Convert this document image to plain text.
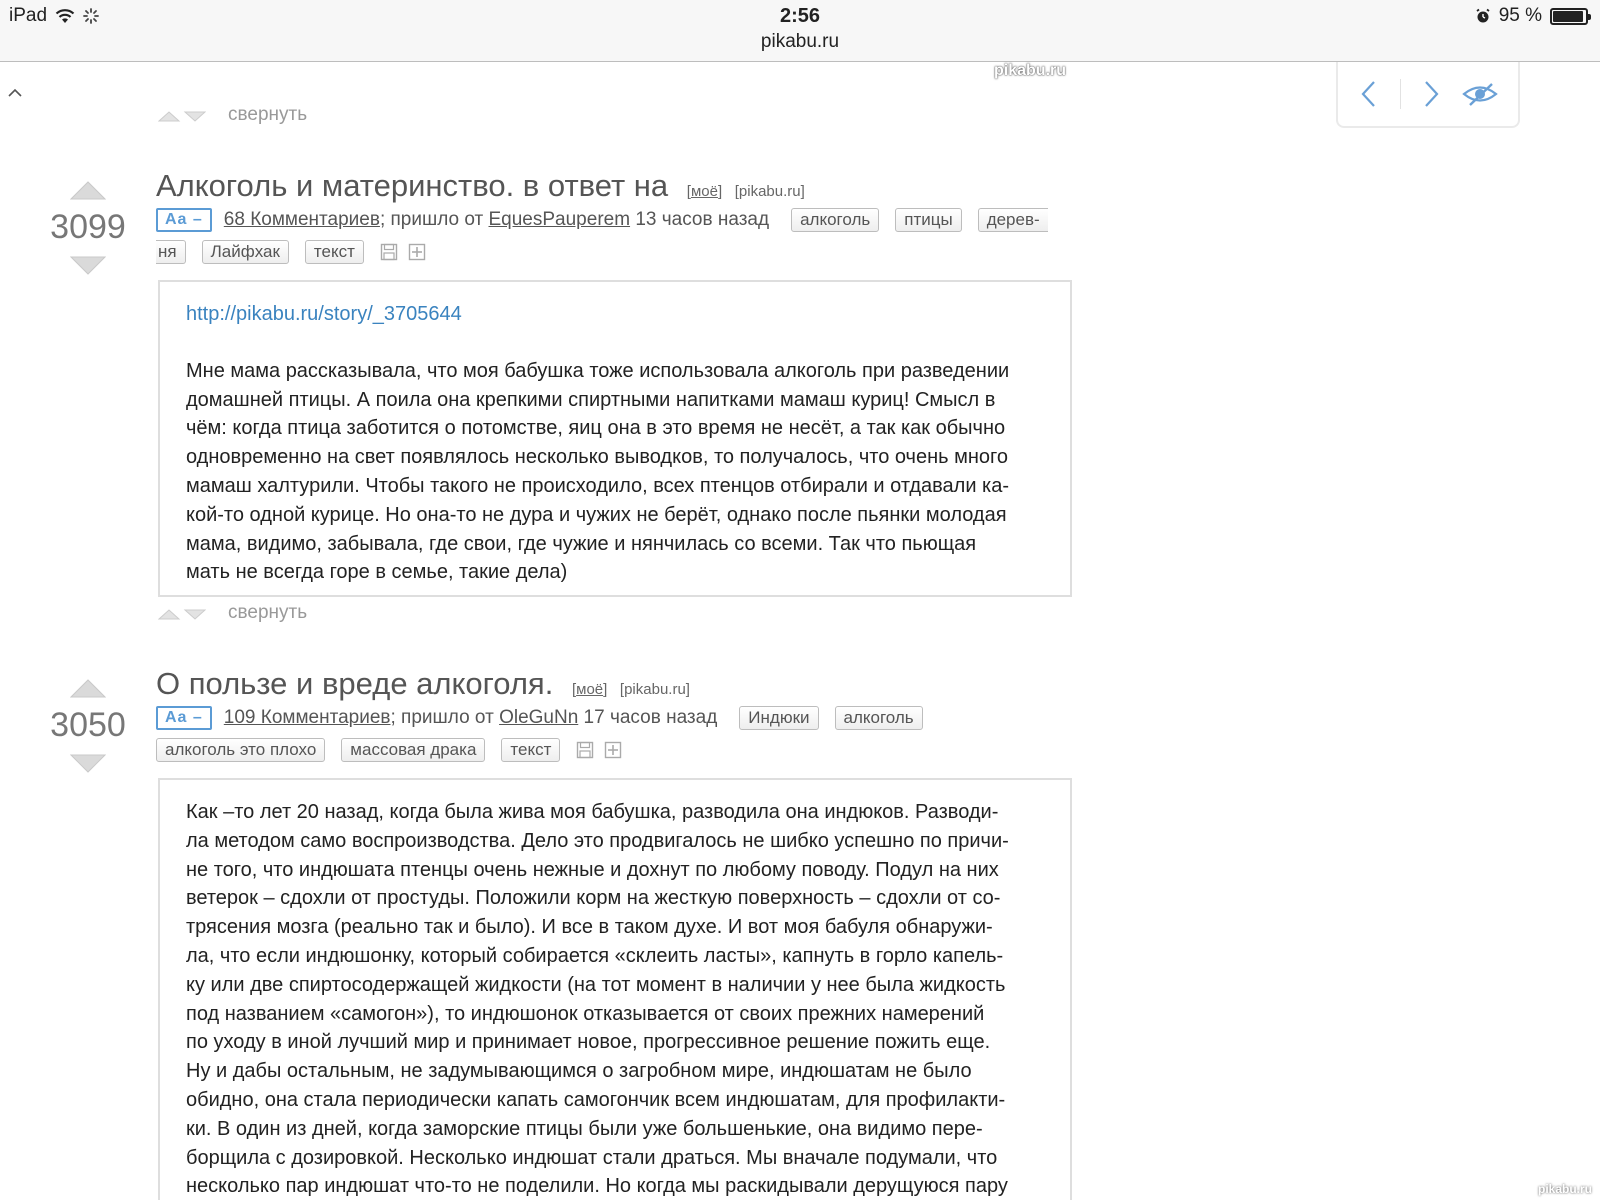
iPad	2:56
pikabu.ru
95 %
pikabu.ru
свернуть
3099
Алкоголь и материнство. в ответ на [моё] [pikabu.ru]
Aa –	68 Комментариев ; пришло от
EquesPauperem
13 часов назад	алкоголь	птицы	дерев-
ня	Лайфхак	текст
http://pikabu.ru/story/_3705644
Мне мама рассказывала, что моя бабушка тоже использовала алкоголь при разведении
домашней птицы. А поила она крепкими спиртными напитками мамаш куриц! Смысл в
чём: когда птица заботится о потомстве, яиц она в это время не несёт, а так как обычно
одновременно на свет появлялось несколько выводков, то получалось, что очень много
мамаш халтурили. Чтобы такого не происходило, всех птенцов отбирали и отдавали ка-
кой-то одной курице. Но она-то не дура и чужих не берёт, однако после пьянки молодая
мама, видимо, забывала, где свои, где чужие и нянчилась со всеми. Так что пьющая
мать не всегда горе в семье, такие дела)
свернуть
3050
О пользе и вреде алкоголя. [моё] [pikabu.ru]
Aa –	109 Комментариев ; пришло от
OleGuNn
17 часов назад	Индюки	алкоголь
алкоголь это плохо	массовая драка	текст
Как –то лет 20 назад, когда была жива моя бабушка, разводила она индюков. Разводи-
ла методом само воспроизводства. Дело это продвигалось не шибко успешно по причи-
не того, что индюшата птенцы очень нежные и дохнут по любому поводу. Подул на них
ветерок – сдохли от простуды. Положили корм на жесткую поверхность – сдохли от со-
трясения мозга (реально так и было). И все в таком духе. И вот моя бабуля обнаружи-
ла, что если индюшонку, который собирается «склеить ласты», капнуть в горло капель-
ку или две спиртосодержащей жидкости (на тот момент в наличии у нее была жидкость
под названием «самогон»), то индюшонок отказывается от своих прежних намерений
по уходу в иной лучший мир и принимает новое, прогрессивное решение пожить еще.
Ну и дабы остальным, не задумывающимся о загробном мире, индюшатам не было
обидно, она стала периодически капать самогончик всем индюшатам, для профилакти-
ки. В один из дней, когда заморские птицы были уже большенькие, она видимо пере-
борщила с дозировкой. Несколько индюшат стали драться. Мы вначале подумали, что
несколько пар индюшат что-то не поделили. Но когда мы раскидывали дерущуюся пару	pikabu.ru
